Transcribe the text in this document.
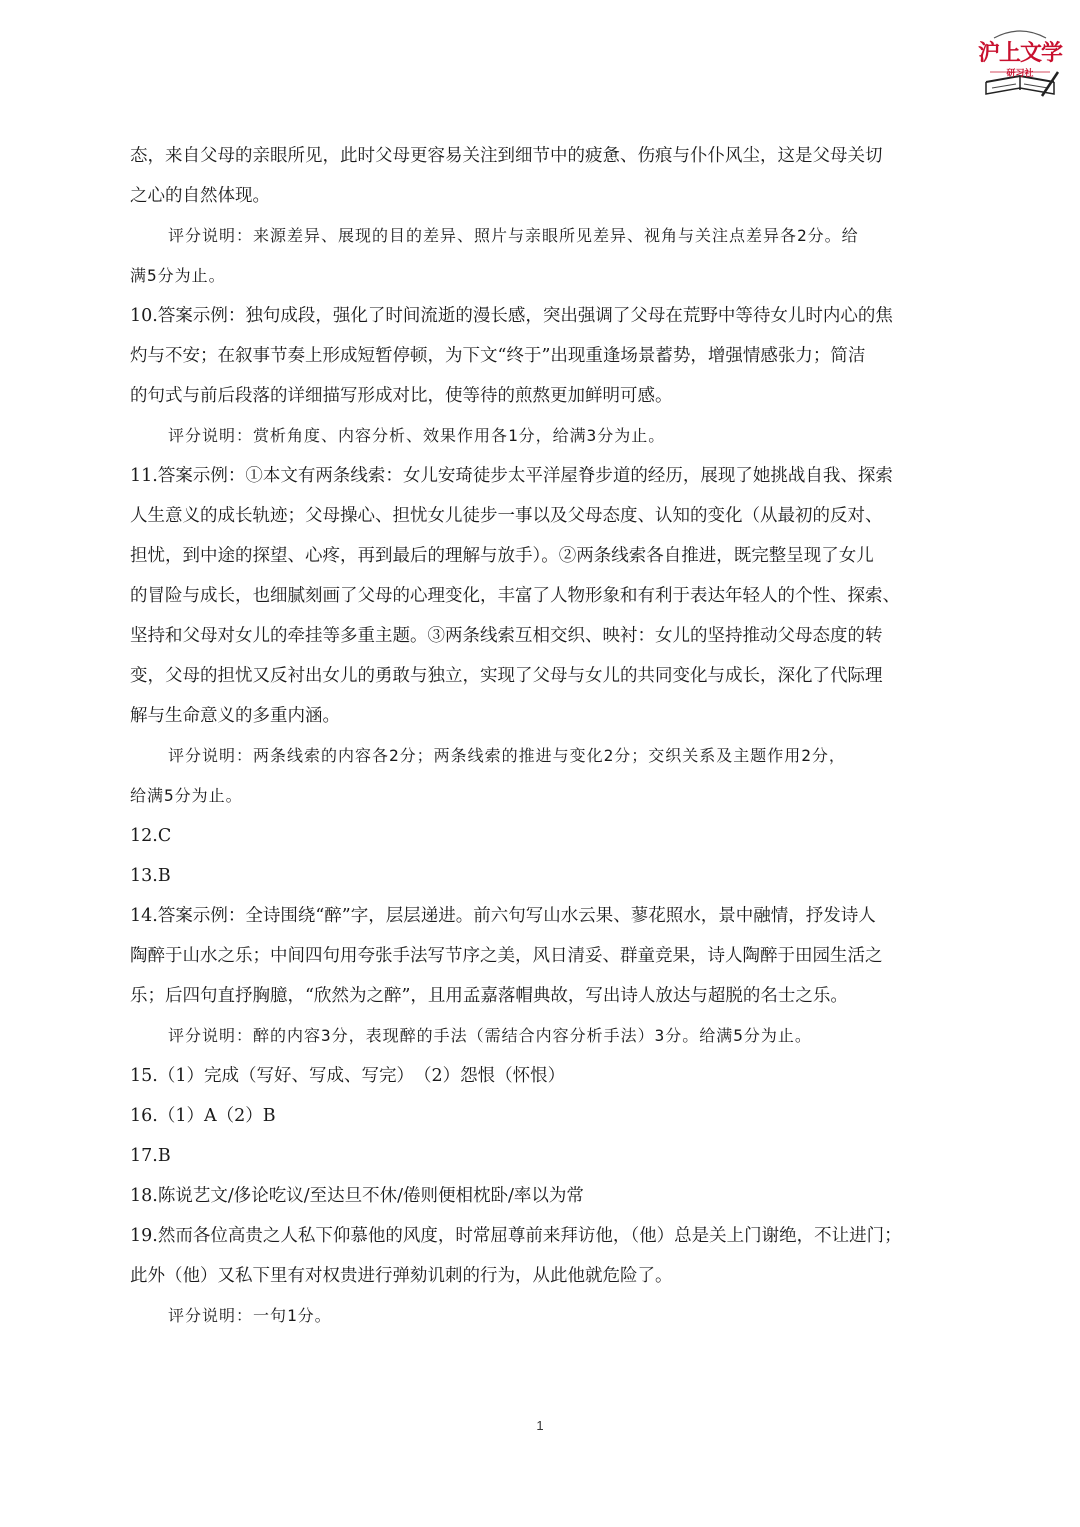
沪上文学
研习社

态，来自父母的亲眼所见，此时父母更容易关注到细节中的疲惫、伤痕与仆仆风尘，这是父母关切

之心的自然体现。

评分说明：来源差异、展现的目的差异、照片与亲眼所见差异、视角与关注点差异各2分。给

满5分为止。

10.答案示例：独句成段，强化了时间流逝的漫长感，突出强调了父母在荒野中等待女儿时内心的焦

灼与不安；在叙事节奏上形成短暂停顿，为下文“终于”出现重逢场景蓄势，增强情感张力；简洁

的句式与前后段落的详细描写形成对比，使等待的煎熬更加鲜明可感。

评分说明：赏析角度、内容分析、效果作用各1分，给满3分为止。

11.答案示例：①本文有两条线索：女儿安琦徒步太平洋屋脊步道的经历，展现了她挑战自我、探索

人生意义的成长轨迹；父母操心、担忧女儿徒步一事以及父母态度、认知的变化（从最初的反对、

担忧，到中途的探望、心疼，再到最后的理解与放手）。②两条线索各自推进，既完整呈现了女儿

的冒险与成长，也细腻刻画了父母的心理变化，丰富了人物形象和有利于表达年轻人的个性、探索、

坚持和父母对女儿的牵挂等多重主题。③两条线索互相交织、映衬：女儿的坚持推动父母态度的转

变，父母的担忧又反衬出女儿的勇敢与独立，实现了父母与女儿的共同变化与成长，深化了代际理

解与生命意义的多重内涵。

评分说明：两条线索的内容各2分；两条线索的推进与变化2分；交织关系及主题作用2分，

给满5分为止。

12.C

13.B

14.答案示例：全诗围绕“醉”字，层层递进。前六句写山水云果、蓼花照水，景中融情，抒发诗人

陶醉于山水之乐；中间四句用夸张手法写节序之美，风日清妥、群童竞果，诗人陶醉于田园生活之

乐；后四句直抒胸臆，“欣然为之醉”，且用孟嘉落帽典故，写出诗人放达与超脱的名士之乐。

评分说明：醉的内容3分，表现醉的手法（需结合内容分析手法）3分。给满5分为止。

15.（1）完成（写好、写成、写完）　（2）怨恨（怀恨）

16.（1）A（2）B

17.B

18.陈说艺文/侈论吃议/至达旦不休/倦则便相枕卧/率以为常

19.然而各位高贵之人私下仰慕他的风度，时常屈尊前来拜访他，（他）总是关上门谢绝，不让进门；

此外（他）又私下里有对权贵进行弹劾讥刺的行为，从此他就危险了。

评分说明：一句1分。

1
